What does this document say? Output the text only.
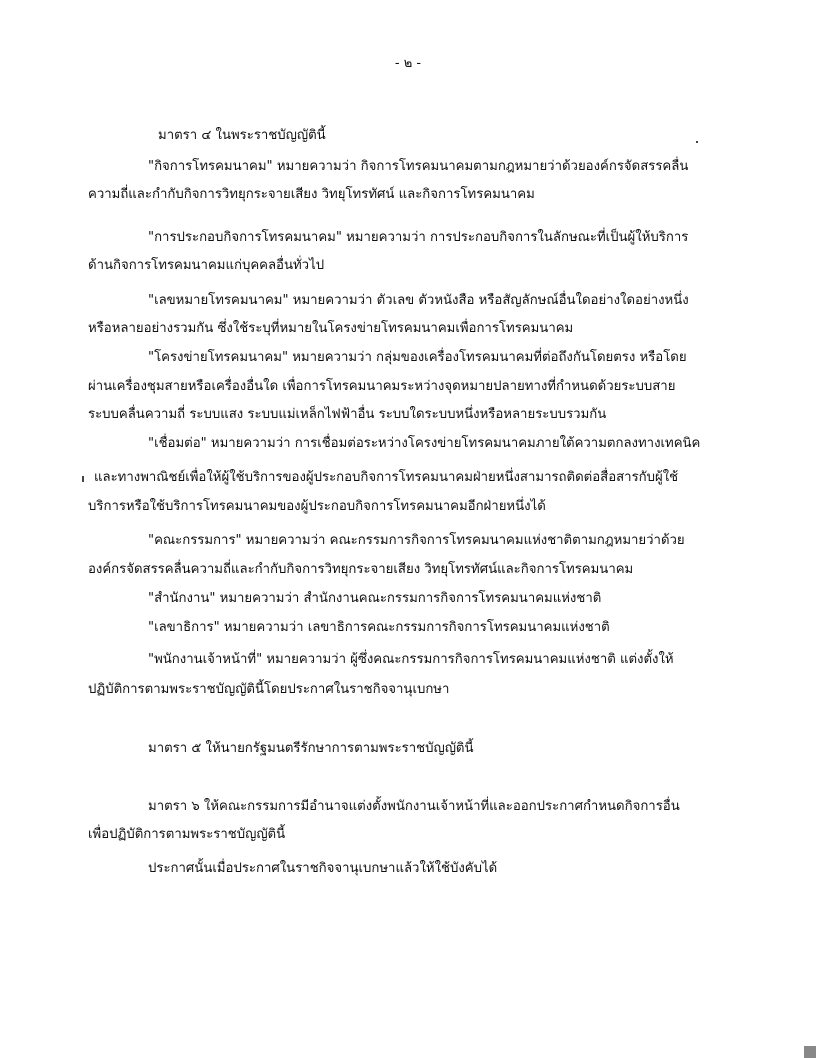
- ๒ -
มาตรา ๔ ในพระราชบัญญัตินี้
"กิจการโทรคมนาคม" หมายความว่า กิจการโทรคมนาคมตามกฎหมายว่าด้วยองค์กรจัดสรรคลื่น
ความถี่และกำกับกิจการวิทยุกระจายเสียง วิทยุโทรทัศน์ และกิจการโทรคมนาคม
"การประกอบกิจการโทรคมนาคม" หมายความว่า การประกอบกิจการในลักษณะที่เป็นผู้ให้บริการ
ด้านกิจการโทรคมนาคมแก่บุคคลอื่นทั่วไป
"เลขหมายโทรคมนาคม" หมายความว่า ตัวเลข ตัวหนังสือ หรือสัญลักษณ์อื่นใดอย่างใดอย่างหนึ่ง
หรือหลายอย่างรวมกัน ซึ่งใช้ระบุที่หมายในโครงข่ายโทรคมนาคมเพื่อการโทรคมนาคม
"โครงข่ายโทรคมนาคม" หมายความว่า กลุ่มของเครื่องโทรคมนาคมที่ต่อถึงกันโดยตรง หรือโดย
ผ่านเครื่องชุมสายหรือเครื่องอื่นใด เพื่อการโทรคมนาคมระหว่างจุดหมายปลายทางที่กำหนดด้วยระบบสาย
ระบบคลื่นความถี่ ระบบแสง ระบบแม่เหล็กไฟฟ้าอื่น ระบบใดระบบหนึ่งหรือหลายระบบรวมกัน
"เชื่อมต่อ" หมายความว่า การเชื่อมต่อระหว่างโครงข่ายโทรคมนาคมภายใต้ความตกลงทางเทคนิค
และทางพาณิชย์เพื่อให้ผู้ใช้บริการของผู้ประกอบกิจการโทรคมนาคมฝ่ายหนึ่งสามารถติดต่อสื่อสารกับผู้ใช้
บริการหรือใช้บริการโทรคมนาคมของผู้ประกอบกิจการโทรคมนาคมอีกฝ่ายหนึ่งได้
"คณะกรรมการ" หมายความว่า คณะกรรมการกิจการโทรคมนาคมแห่งชาติตามกฎหมายว่าด้วย
องค์กรจัดสรรคลื่นความถี่และกำกับกิจการวิทยุกระจายเสียง วิทยุโทรทัศน์และกิจการโทรคมนาคม
"สำนักงาน" หมายความว่า สำนักงานคณะกรรมการกิจการโทรคมนาคมแห่งชาติ
"เลขาธิการ" หมายความว่า เลขาธิการคณะกรรมการกิจการโทรคมนาคมแห่งชาติ
"พนักงานเจ้าหน้าที่" หมายความว่า ผู้ซึ่งคณะกรรมการกิจการโทรคมนาคมแห่งชาติ แต่งตั้งให้
ปฏิบัติการตามพระราชบัญญัตินี้โดยประกาศในราชกิจจานุเบกษา
มาตรา ๕ ให้นายกรัฐมนตรีรักษาการตามพระราชบัญญัตินี้
มาตรา ๖ ให้คณะกรรมการมีอำนาจแต่งตั้งพนักงานเจ้าหน้าที่และออกประกาศกำหนดกิจการอื่น
เพื่อปฏิบัติการตามพระราชบัญญัตินี้
ประกาศนั้นเมื่อประกาศในราชกิจจานุเบกษาแล้วให้ใช้บังคับได้
